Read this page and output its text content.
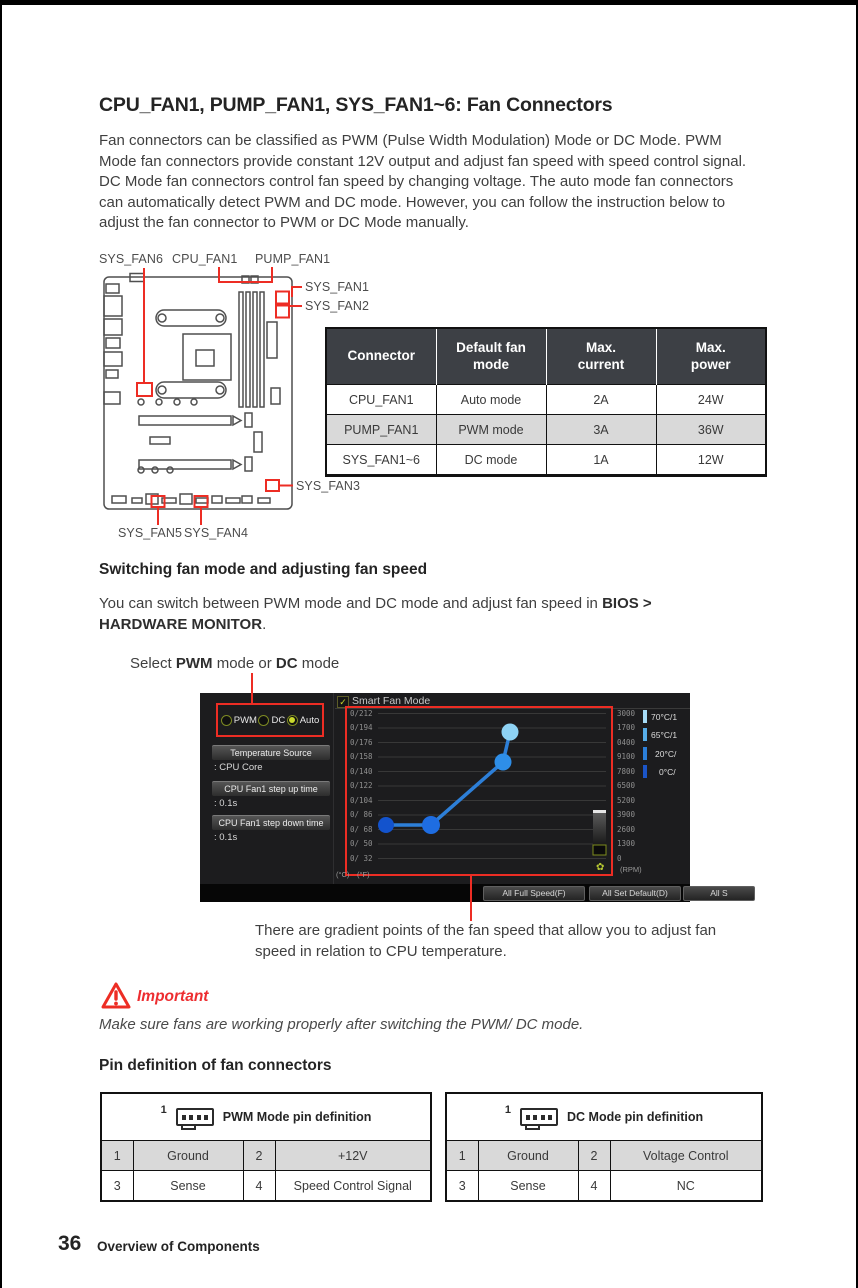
CPU_FAN1, PUMP_FAN1, SYS_FAN1~6: Fan Connectors

Fan connectors can be classified as PWM (Pulse Width Modulation) Mode or DC Mode. PWM Mode fan connectors provide constant 12V output and adjust fan speed with speed control signal. DC Mode fan connectors control fan speed by changing voltage. The auto mode fan connectors can automatically detect PWM and DC mode. However, you can follow the instruction below to adjust the fan connector to PWM or DC Mode manually.

SYS_FAN6 CPU_FAN1 PUMP_FAN1
SYS_FAN1
SYS_FAN2
SYS_FAN3
SYS_FAN5 SYS_FAN4
Connector	Default fan mode	Max. current	Max. power
CPU_FAN1	Auto mode	2A	24W
PUMP_FAN1	PWM mode	3A	36W
SYS_FAN1~6	DC mode	1A	12W
Switching fan mode and adjusting fan speed

You can switch between PWM mode and DC mode and adjust fan speed in BIOS > HARDWARE MONITOR.

Select PWM mode or DC mode

PWM DC Auto
Temperature Source
: CPU Core
CPU Fan1 step up time
: 0.1s
CPU Fan1 step down time
: 0.1s
✓ Smart Fan Mode
0/212
0/194
0/176
0/158
0/140
0/122
0/104
0/ 86
0/ 68
0/ 50
0/ 32
3000
1700
0400
9100
7800
6500
5200
3900
2600
1300
0
70°C/1
65°C/1
20°C/
0°C/
(°C) (°F)
✿ (RPM)
All Full Speed(F)	All Set Default(D)	All S

There are gradient points of the fan speed that allow you to adjust fan speed in relation to CPU temperature.

Important

Make sure fans are working properly after switching the PWM/ DC mode.

Pin definition of fan connectors
1 PWM Mode pin definition			

1	Ground	2	+12V
3	Sense	4	Speed Control Signal
1 DC Mode pin definition			

1	Ground	2	Voltage Control
3	Sense	4	NC
36 Overview of Components
